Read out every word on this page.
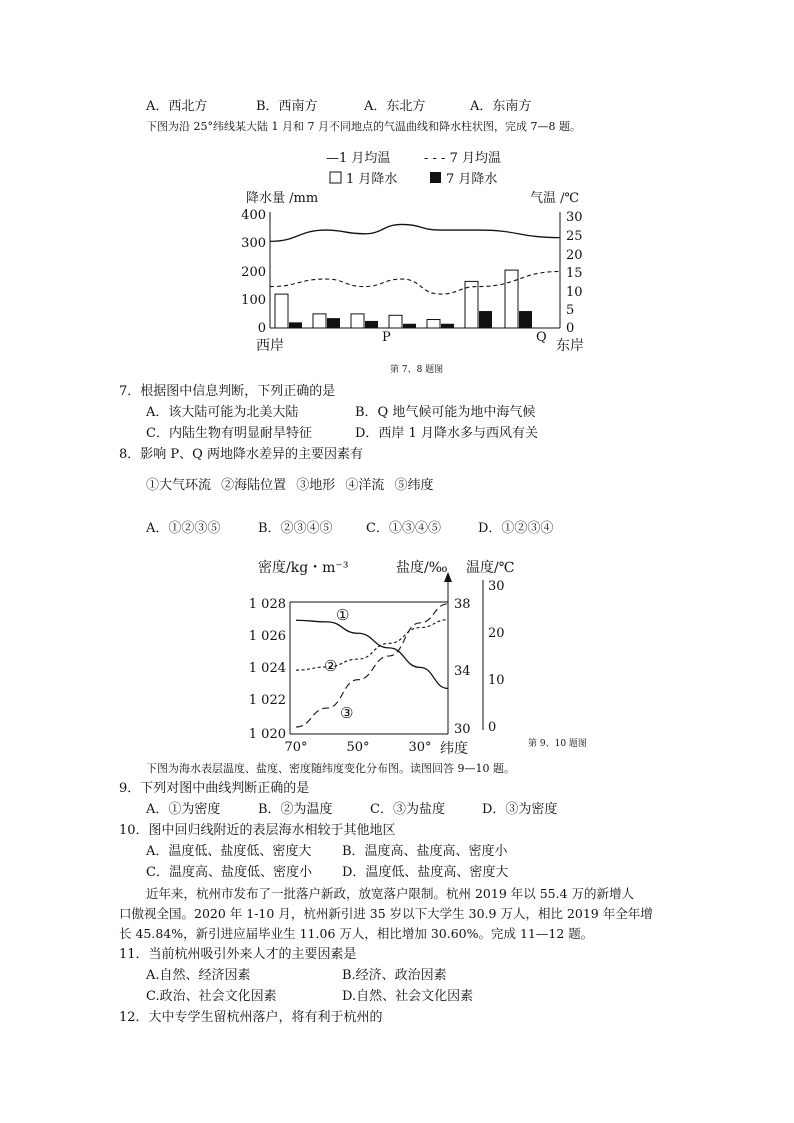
A．西北方	B．西南方	A．东北方	A．东南方
下图为沿 25°纬线某大陆 1 月和 7 月不同地点的气温曲线和降水柱状图，完成 7—8 题。
—1 月均温	- - - 7 月均温
1 月降水	7 月降水
降水量 /mm	气温 /℃
400
300
200
100
0
30
25
20
15
10
5
0
西岸
P	Q
东岸
第 7、8 题图
7．根据图中信息判断，下列正确的是
A．该大陆可能为北美大陆	B．Q 地气候可能为地中海气候
C．内陆生物有明显耐旱特征	D．西岸 1 月降水多与西风有关
8．影响 P、Q 两地降水差异的主要因素有
①大气环流 ②海陆位置 ③地形 ④洋流 ⑤纬度
A．①②③⑤	B．②③④⑤	C．①③④⑤	D．①②③④
密度/kg・m⁻³	盐度/‰ 温度/℃
1 028
1 026
1 024
1 022
1 020
38
34
30
30
20
10
0
①
②
③
70°	50°	30° 纬度	第 9、10 题图
下图为海水表层温度、盐度、密度随纬度变化分布图。读图回答 9—10 题。
9．下列对图中曲线判断正确的是
A．①为密度	B．②为温度	C．③为盐度	D．③为密度
10．图中回归线附近的表层海水相较于其他地区
A．温度低、盐度低、密度大 B．温度高、盐度高、密度小
C．温度高、盐度低、密度小 D．温度低、盐度高、密度大
近年来，杭州市发布了一批落户新政，放宽落户限制。杭州 2019 年以 55.4 万的新增人
口傲视全国。2020 年 1-10 月，杭州新引进 35 岁以下大学生 30.9 万人，相比 2019 年全年增
长 45.84%，新引进应届毕业生 11.06 万人，相比增加 30.60%。完成 11—12 题。
11．当前杭州吸引外来人才的主要因素是
A.自然、经济因素	B.经济、政治因素
C.政治、社会文化因素	D.自然、社会文化因素
12．大中专学生留杭州落户，将有利于杭州的
